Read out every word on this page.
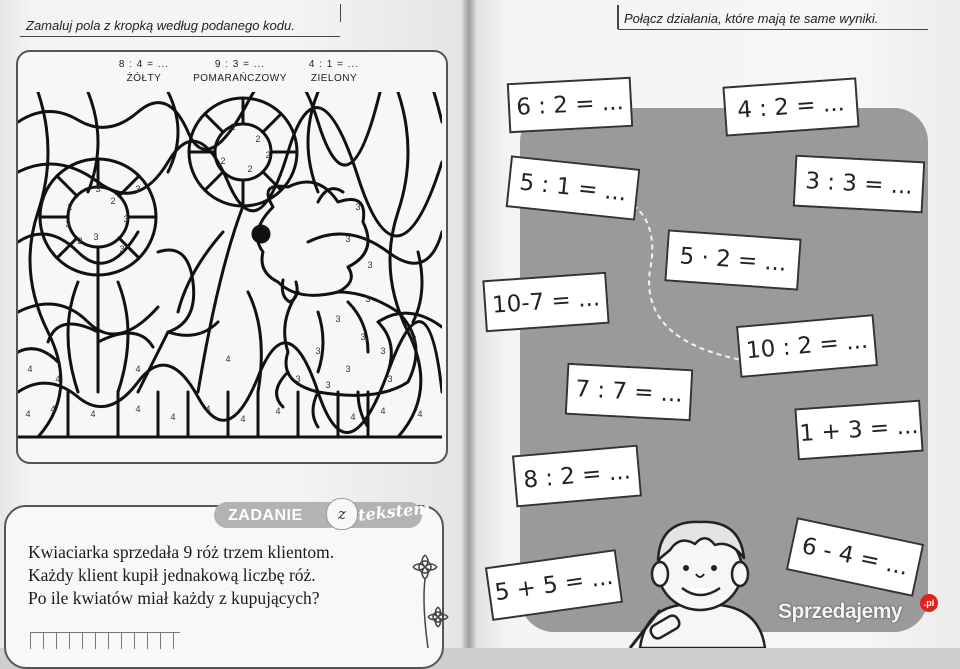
Zamaluj pola z kropką według podanego kodu.
8 : 4 = ...
ŻÓŁTY
9 : 3 = ...
POMARAŃCZOWY
4 : 1 = ...
ZIELONY
2
2
2
2
2
2
2
2
3
3
3
3
3
3
3
3
3
3
3
3
3
3
3
3
3
3
3
4 4	4	4
4
4
4
4
4
4	4
4
4
4
4
ZADANIE	z tekstem
Kwiaciarka sprzedała 9 róż trzem klientom.
Każdy klient kupił jednakową liczbę róż.
Po ile kwiatów miał każdy z kupujących?
Połącz działania, które mają te same wyniki.
6 : 2 = ...	4 : 2 = ...
5 : 1 = ...	3 : 3 = ...
5 · 2 = ...
10-7 = ...
10 : 2 = ...
7 : 7 = ...
1 + 3 = ...
8 : 2 = ...
6 - 4 = ...
5 + 5 = ...
Sprzedajemy	.pl
